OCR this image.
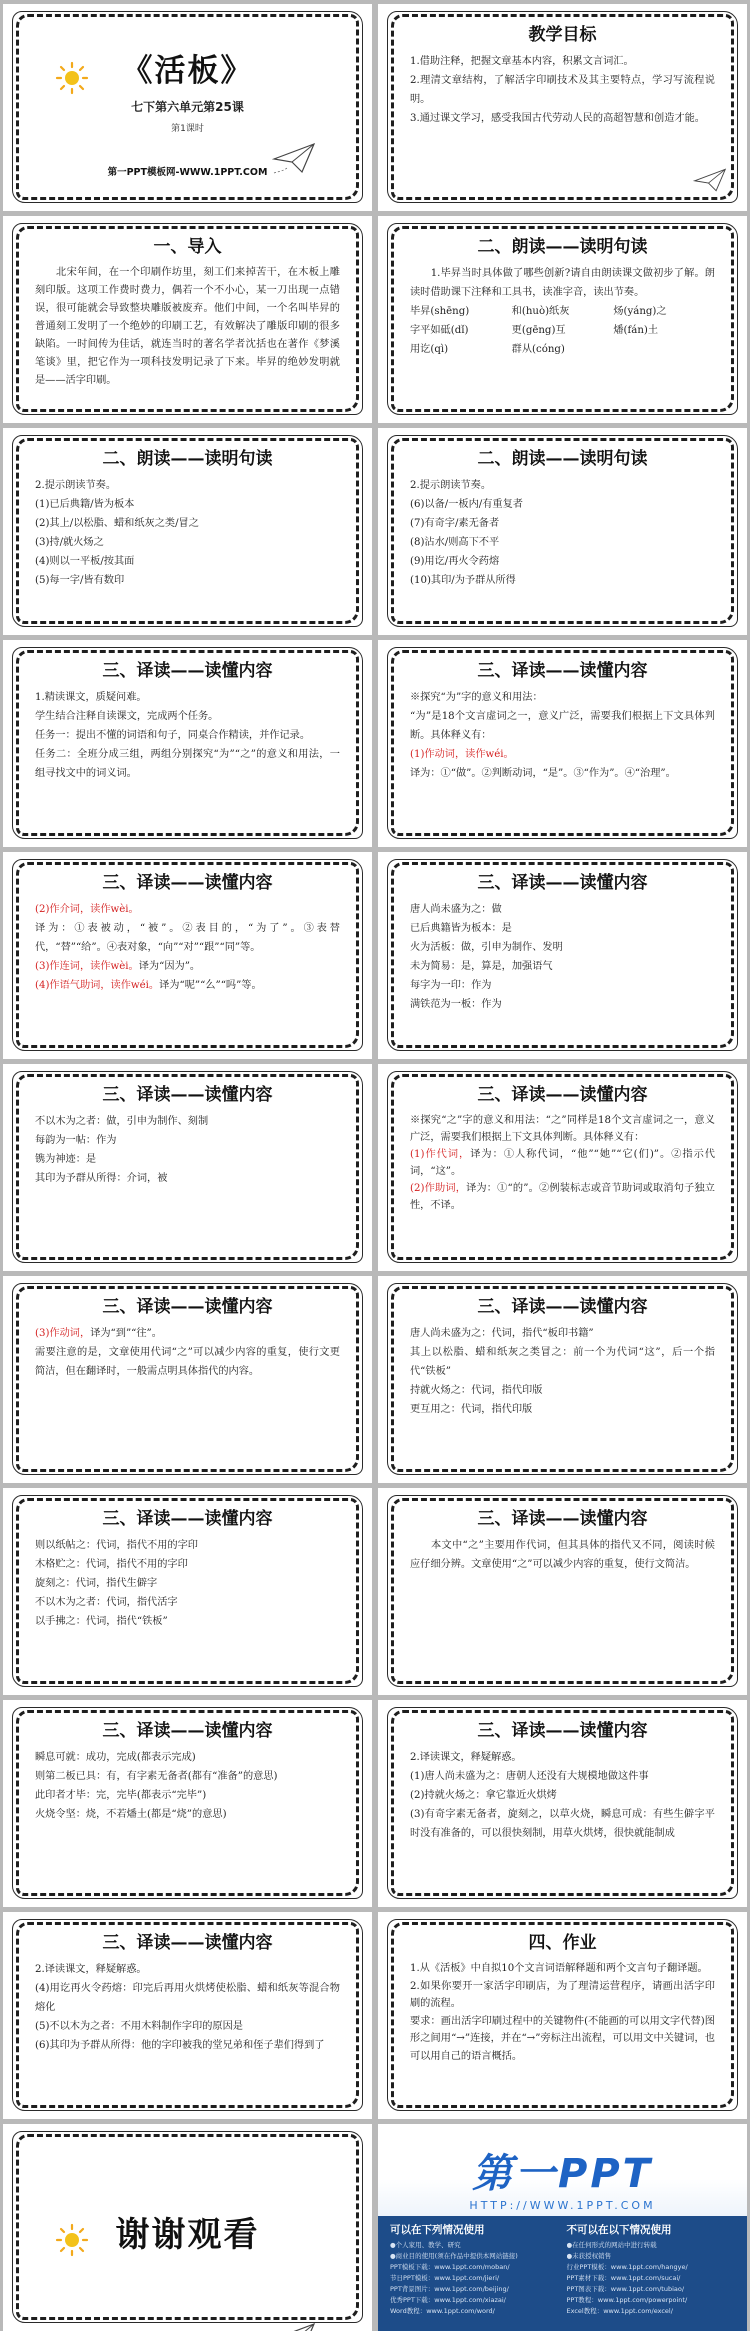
《活板》
七下第六单元第25课
第1课时
第一PPT模板网-WWW.1PPT.COM
教学目标

1.借助注释，把握文章基本内容，积累文言词汇。

2.理清文章结构，了解活字印刷技术及其主要特点，学习写流程说明。

3.通过课文学习，感受我国古代劳动人民的高超智慧和创造才能。

一、导入

　　北宋年间，在一个印刷作坊里，刻工们来掉苦干，在木板上雕刻印版。这项工作费时费力，偶若一个不小心，某一刀出现一点错误，很可能就会导致整块雕版被废弃。他们中间，一个名叫毕昇的普通刻工发明了一个绝妙的印刷工艺，有效解决了雕版印刷的很多缺陷。一时间传为佳话，就连当时的著名学者沈括也在著作《梦溪笔谈》里，把它作为一项科技发明记录了下来。毕昇的绝妙发明就是——活字印刷。

二、朗读——读明句读

　　1.毕昇当时具体做了哪些创新?请自由朗读课文做初步了解。朗读时借助课下注释和工具书，读准字音，读出节奏。

毕昇(shēng)	和(huò)纸灰	炀(yáng)之
字平如砥(dǐ)	更(gēng)互	燔(fán)土
用讫(qì)	群从(cóng)
二、朗读——读明句读

2.提示朗读节奏。

(1)已后典籍/皆为板本

(2)其上/以松脂、蜡和纸灰之类/冒之

(3)持/就火炀之

(4)则以一平板/按其面

(5)每一字/皆有数印

二、朗读——读明句读

2.提示朗读节奏。

(6)以备/一板内/有重复者

(7)有奇字/素无备者

(8)沾水/则高下不平

(9)用讫/再火令药熔

(10)其印/为予群从所得

三、译读——读懂内容

1.精读课文，质疑问难。

学生结合注释自读课文，完成两个任务。

任务一：提出不懂的词语和句子，同桌合作精读，并作记录。

任务二：全班分成三组，两组分别探究“为”“之”的意义和用法，一组寻找文中的词义词。

三、译读——读懂内容

※探究“为”字的意义和用法：

“为”是18个文言虚词之一，意义广泛，需要我们根据上下文具体判断。具体释义有：

(1)作动词，读作wéi。

译为：①“做”。②判断动词，“是”。③“作为”。④“治理”。

三、译读——读懂内容

(2)作介词，读作wèi。

译为：①表被动，“被”。②表目的，“为了”。③表替代，“替”“给”。④表对象，“向”“对”“跟”“同”等。

(3)作连词，读作wèi。译为“因为”。

(4)作语气助词，读作wéi。译为“呢”“么”“吗”等。

三、译读——读懂内容

唐人尚未盛为之：做

已后典籍皆为板本：是

火为活板：做，引申为制作、发明

未为简易：是，算是，加强语气

每字为一印：作为

满铁范为一板：作为

三、译读——读懂内容

不以木为之者：做，引申为制作、刻制

每韵为一帖：作为

镌为神迹：是

其印为予群从所得：介词，被

三、译读——读懂内容

※探究“之”字的意义和用法：“之”同样是18个文言虚词之一，意义广泛，需要我们根据上下文具体判断。具体释义有：

(1)作代词，译为：①人称代词，“他”“她”“它(们)”。②指示代词，“这”。

(2)作助词，译为：①“的”。②例装标志或音节助词或取消句子独立性，不译。

三、译读——读懂内容

(3)作动词，译为“到”“往”。

需要注意的是，文章使用代词“之”可以减少内容的重复，使行文更简洁，但在翻译时，一般需点明具体指代的内容。

三、译读——读懂内容

唐人尚未盛为之：代词，指代“板印书籍”

其上以松脂、蜡和纸灰之类冒之：前一个为代词“这”，后一个指代“铁板”

持就火炀之：代词，指代印版

更互用之：代词，指代印版

三、译读——读懂内容

则以纸帖之：代词，指代不用的字印

木格贮之：代词，指代不用的字印

旋刻之：代词，指代生僻字

不以木为之者：代词，指代活字

以手拂之：代词，指代“铁板”

三、译读——读懂内容

　　本文中“之”主要用作代词，但其具体的指代又不同，阅读时候应仔细分辨。文章使用“之”可以减少内容的重复，使行文简洁。

三、译读——读懂内容

瞬息可就：成功，完成(都表示完成)

则第二板已具：有，有字素无备者(都有“准备”的意思)

此印者才毕：完，完毕(都表示“完毕”)

火烧令坚：烧，不若燔土(都是“烧”的意思)

三、译读——读懂内容

2.译读课文，释疑解惑。

(1)唐人尚未盛为之：唐朝人还没有大规模地做这件事

(2)持就火炀之：拿它靠近火烘烤

(3)有奇字素无备者，旋刻之，以草火烧，瞬息可成：有些生僻字平时没有准备的，可以很快刻制，用草火烘烤，很快就能制成

三、译读——读懂内容

2.译读课文，释疑解惑。

(4)用讫再火令药熔：印完后再用火烘烤使松脂、蜡和纸灰等混合物熔化

(5)不以木为之者：不用木料制作字印的原因是

(6)其印为予群从所得：他的字印被我的堂兄弟和侄子辈们得到了

四、作业

1.从《活板》中自拟10个文言词语解释题和两个文言句子翻译题。

2.如果你要开一家活字印刷店，为了理清运营程序，请画出活字印刷的流程。

要求：画出活字印刷过程中的关键物件(不能画的可以用文字代替)图形之间用“→”连接，并在“→”旁标注出流程，可以用文中关键词，也可以用自己的语言概括。

谢谢观看
第一PPT
HTTP://WWW.1PPT.COM
可以在下列情况使用
●个人家用、教学、研究
●商业目的使用(须在作品中提供本网站链接)
PPT模板下载：www.1ppt.com/moban/
节日PPT模板：www.1ppt.com/jieri/
PPT背景图片：www.1ppt.com/beijing/
优秀PPT下载：www.1ppt.com/xiazai/
Word教程：www.1ppt.com/word/
不可以在以下情况使用
●在任何形式的网站中进行转载
●未获授权销售
行业PPT模板：www.1ppt.com/hangye/
PPT素材下载：www.1ppt.com/sucai/
PPT图表下载：www.1ppt.com/tubiao/
PPT教程：www.1ppt.com/powerpoint/
Excel教程：www.1ppt.com/excel/
